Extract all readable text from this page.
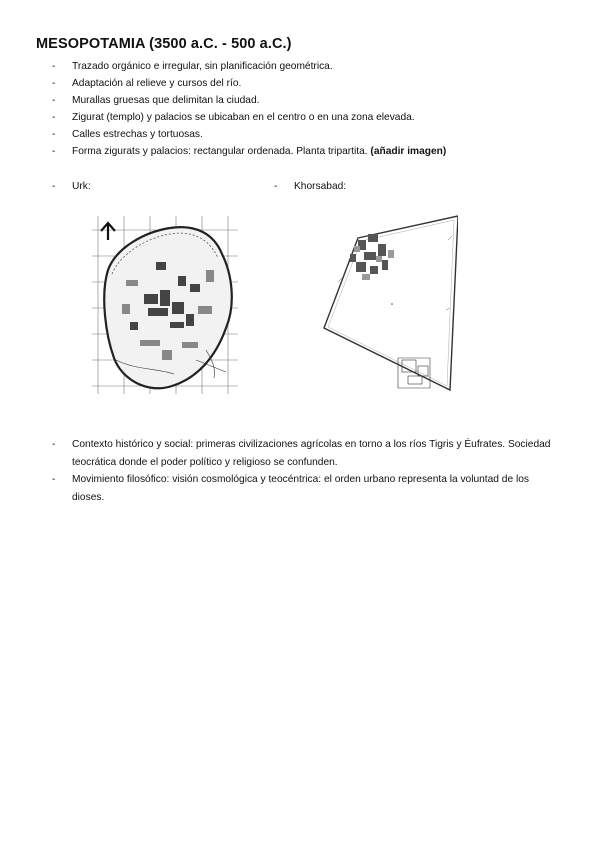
MESOPOTAMIA (3500 a.C. - 500 a.C.)
- Trazado orgánico e irregular, sin planificación geométrica.
- Adaptación al relieve y cursos del río.
- Murallas gruesas que delimitan la ciudad.
- Zigurat (templo) y palacios se ubicaban en el centro o en una zona elevada.
- Calles estrechas y tortuosas.
- Forma zigurats y palacios: rectangular ordenada. Planta tripartita. (añadir imagen)
- Urk:	- Khorsabad:
- Contexto histórico y social: primeras civilizaciones agrícolas en torno a los ríos Tigris y Éufrates. Sociedad teocrática donde el poder político y religioso se confunden.
- Movimiento filosófico: visión cosmológica y teocéntrica: el orden urbano representa la voluntad de los dioses.
